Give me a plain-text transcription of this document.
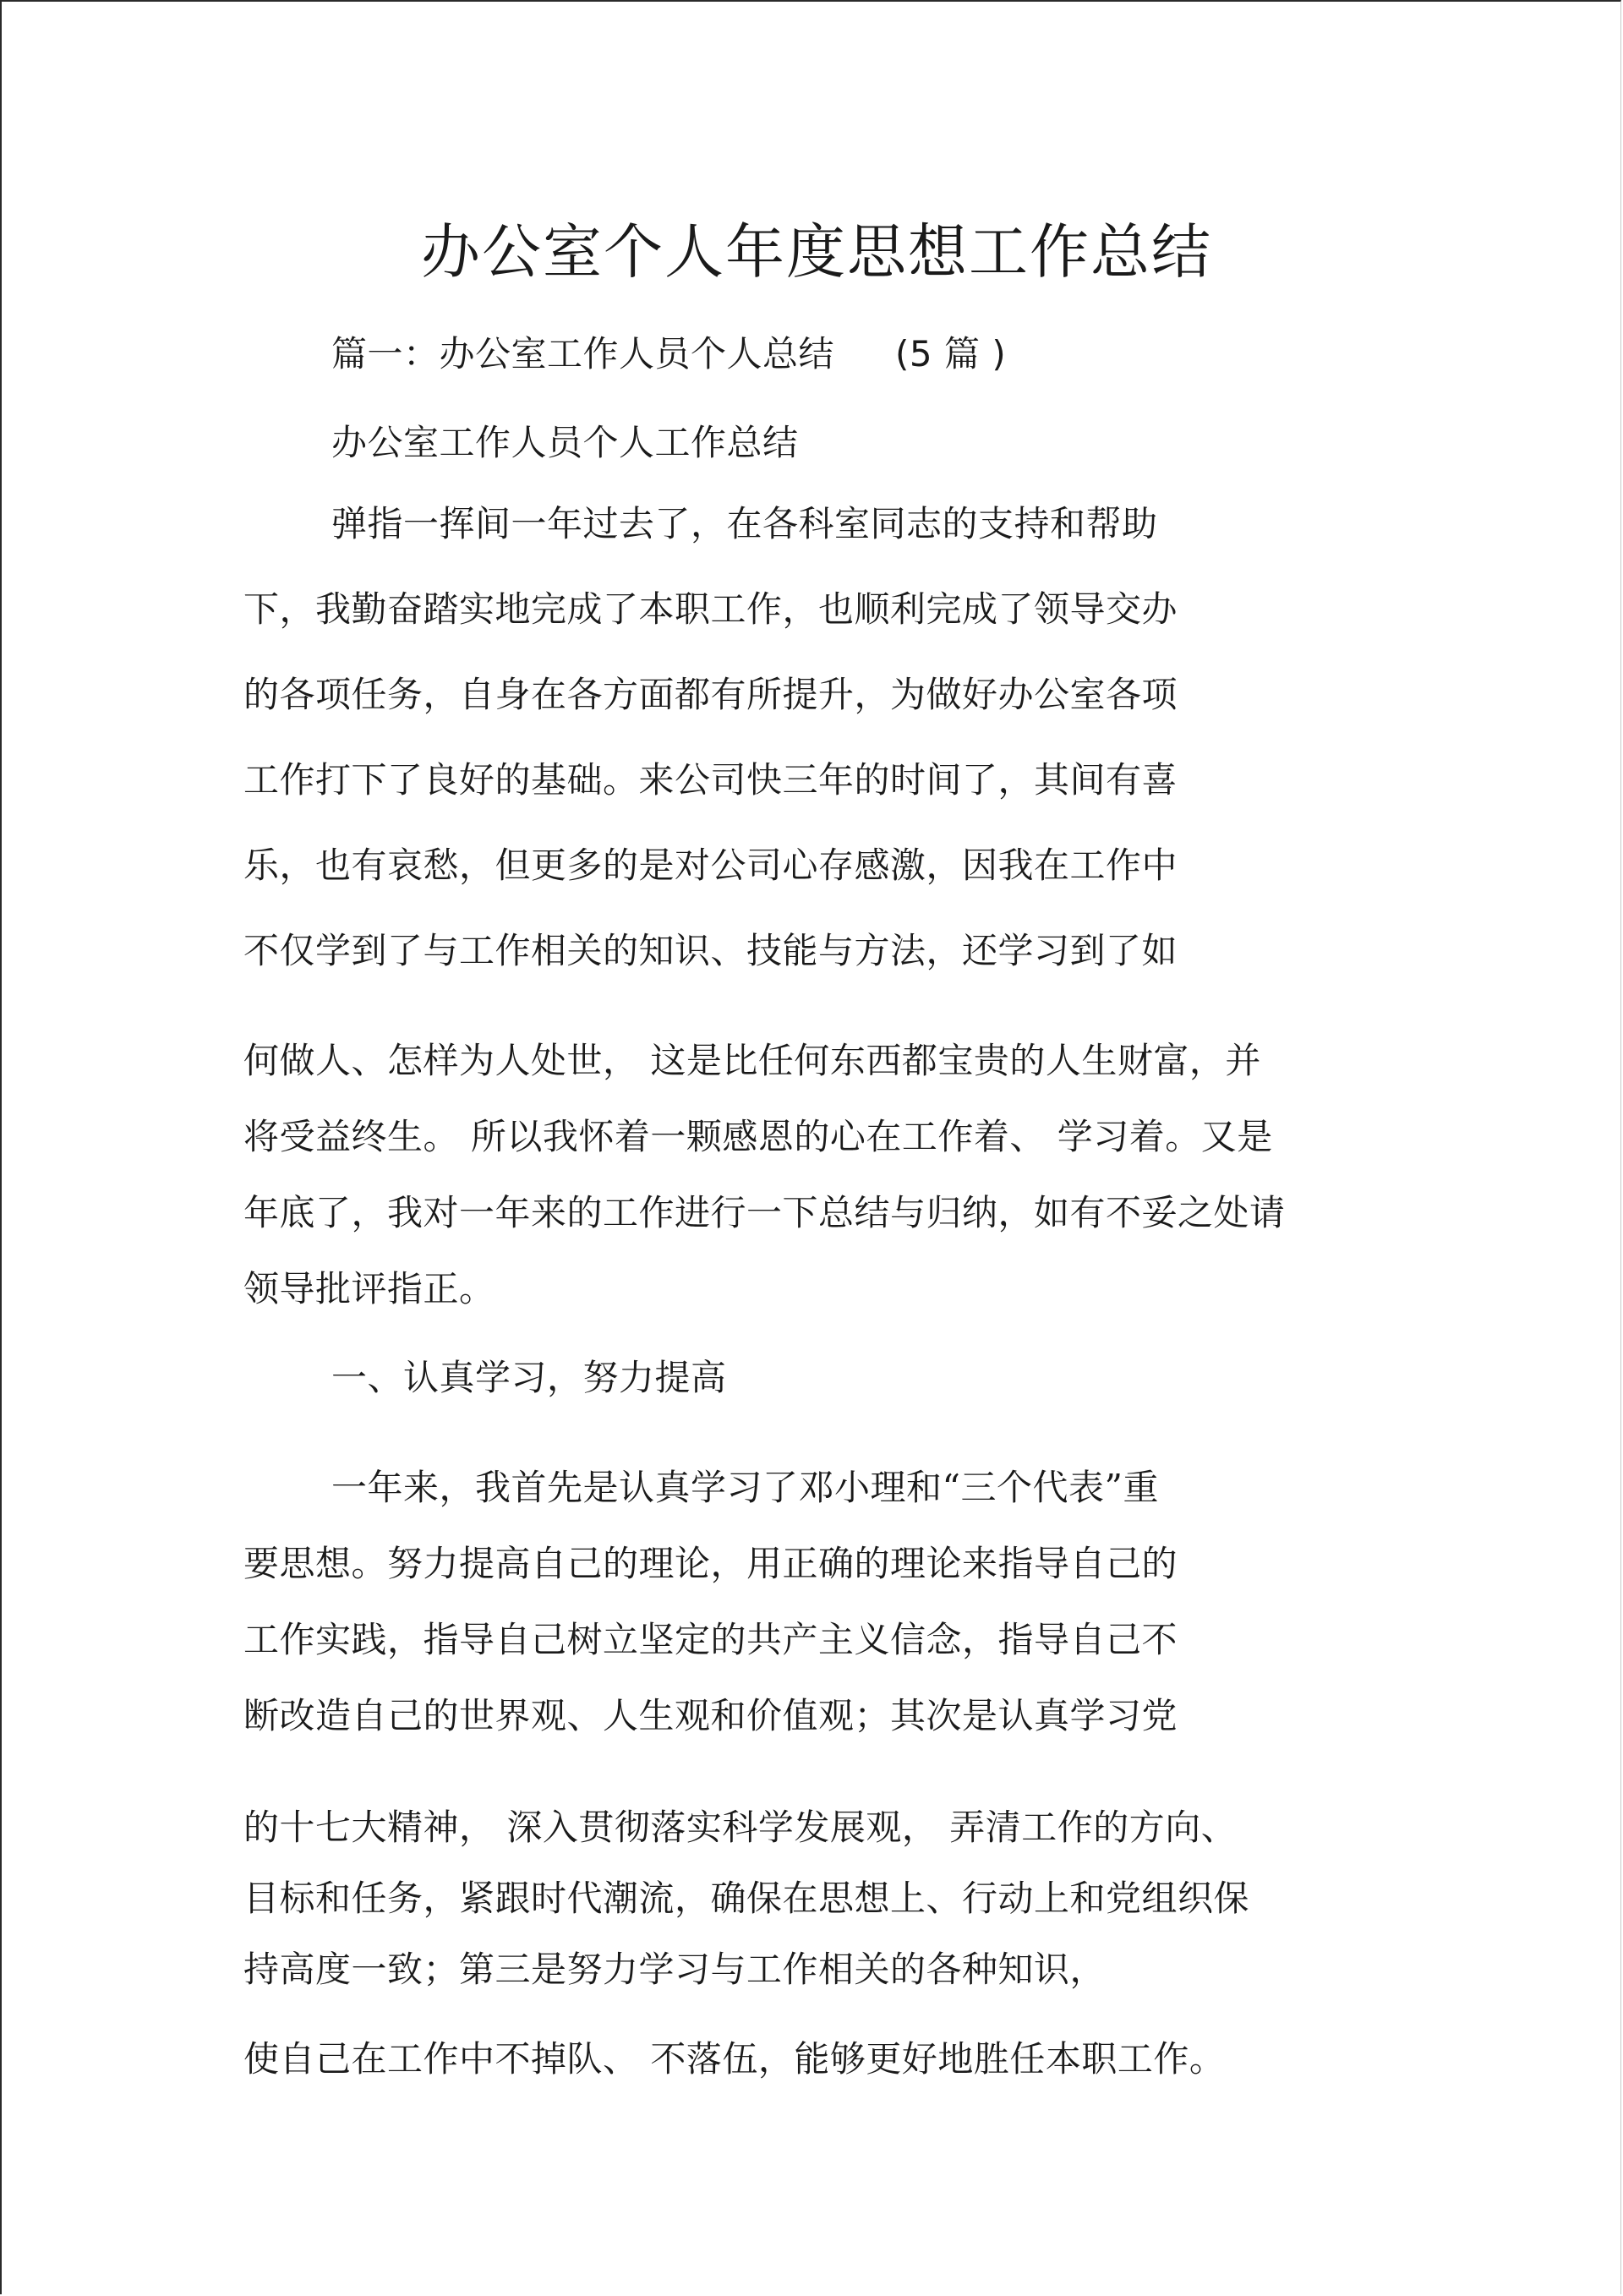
办公室个人年度思想工作总结
篇一：办公室工作人员个人总结 (5 篇 )
办公室工作人员个人工作总结
弹指一挥间一年过去了，在各科室同志的支持和帮助
下，我勤奋踏实地完成了本职工作，也顺利完成了领导交办
的各项任务，自身在各方面都有所提升，为做好办公室各项
工作打下了良好的基础。来公司快三年的时间了，其间有喜
乐，也有哀愁，但更多的是对公司心存感激，因我在工作中
不仅学到了与工作相关的知识、技能与方法，还学习到了如
何做人、怎样为人处世， 这是比任何东西都宝贵的人生财富，并
将受益终生。 所以我怀着一颗感恩的心在工作着、 学习着。又是
年底了，我对一年来的工作进行一下总结与归纳，如有不妥之处请
领导批评指正。
一、认真学习，努力提高
一年来，我首先是认真学习了邓小理和“三个代表”重
要思想。努力提高自己的理论，用正确的理论来指导自己的
工作实践，指导自己树立坚定的共产主义信念，指导自己不
断改造自己的世界观、人生观和价值观；其次是认真学习党
的十七大精神， 深入贯彻落实科学发展观， 弄清工作的方向、
目标和任务，紧跟时代潮流，确保在思想上、行动上和党组织保
持高度一致；第三是努力学习与工作相关的各种知识，
使自己在工作中不掉队、 不落伍，能够更好地胜任本职工作。
